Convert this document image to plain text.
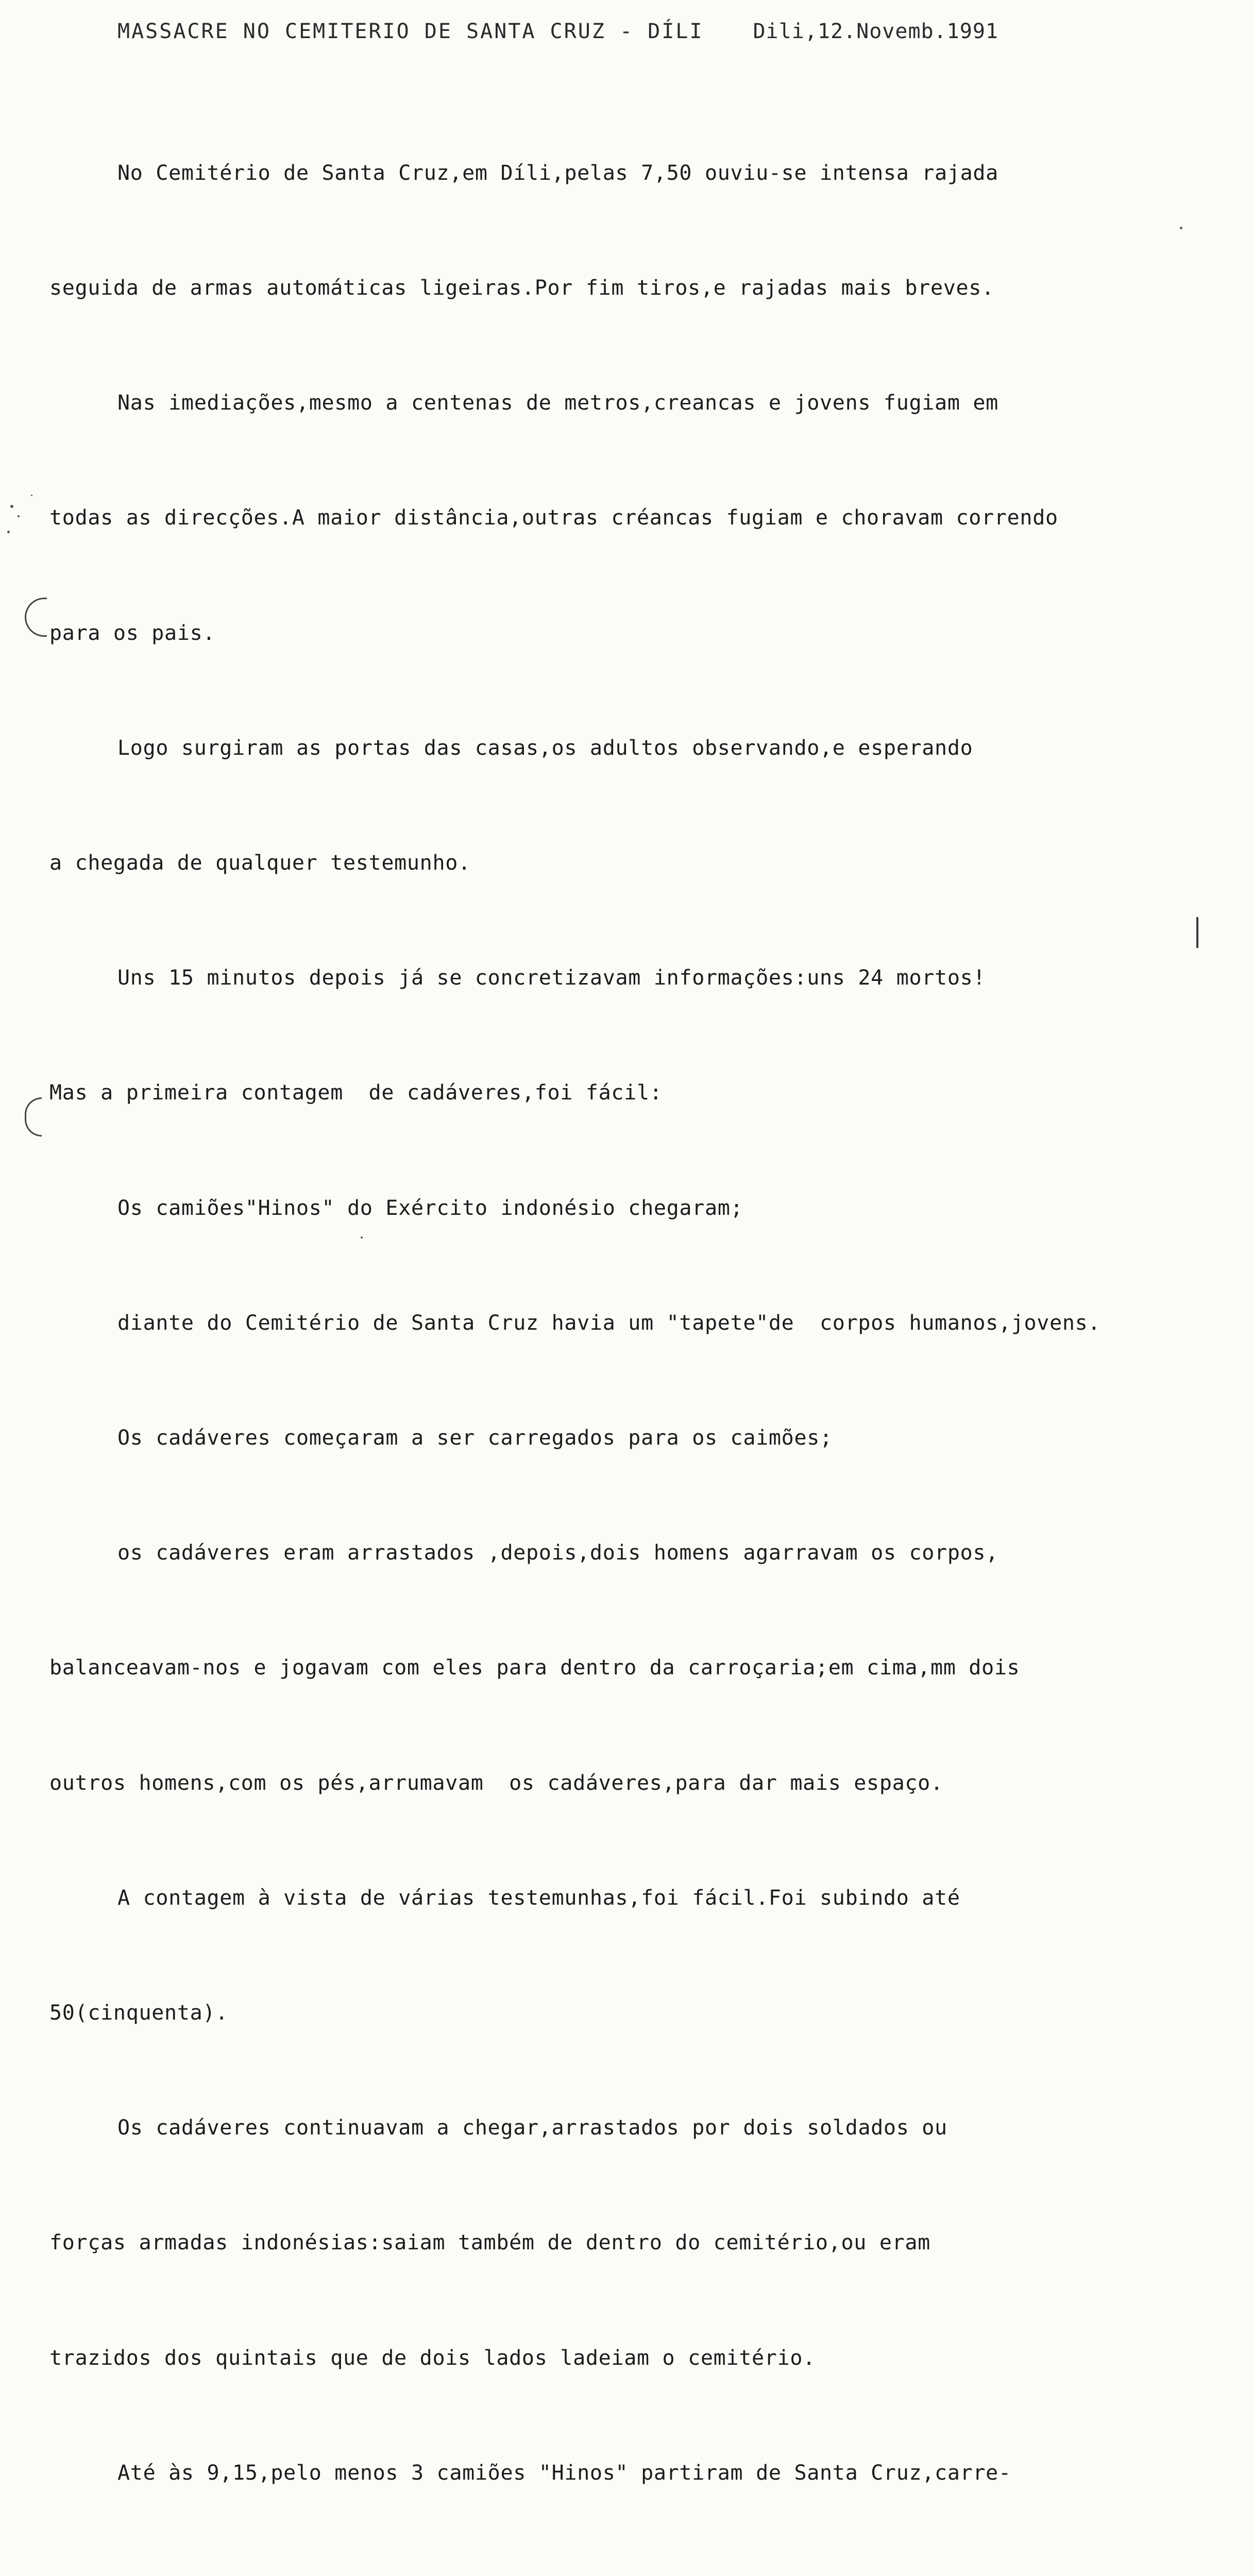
MASSACRE NO CEMITERIO DE SANTA CRUZ - DÍLI Dili,12.Novemb.1991

No Cemitério de Santa Cruz,em Díli,pelas 7,50 ouviu-se intensa rajada

seguida de armas automáticas ligeiras.Por fim tiros,e rajadas mais breves.

Nas imediações,mesmo a centenas de metros,creancas e jovens fugiam em

todas as direcções.A maior distância,outras créancas fugiam e choravam correndo

para os pais.

Logo surgiram as portas das casas,os adultos observando,e esperando

a chegada de qualquer testemunho.

Uns 15 minutos depois já se concretizavam informações:uns 24 mortos!

Mas a primeira contagem  de cadáveres,foi fácil:

Os camiões"Hinos" do Exército indonésio chegaram;

diante do Cemitério de Santa Cruz havia um "tapete"de  corpos humanos,jovens.

Os cadáveres começaram a ser carregados para os caimões;

os cadáveres eram arrastados ,depois,dois homens agarravam os corpos,

balanceavam-nos e jogavam com eles para dentro da carroçaria;em cima,mm dois

outros homens,com os pés,arrumavam  os cadáveres,para dar mais espaço.

A contagem à vista de várias testemunhas,foi fácil.Foi subindo até

50(cinquenta).

Os cadáveres continuavam a chegar,arrastados por dois soldados ou

forças armadas indonésias:saiam também de dentro do cemitério,ou eram

trazidos dos quintais que de dois lados ladeiam o cemitério.

Até às 9,15,pelo menos 3 camiões "Hinos" partiram de Santa Cruz,carre-
